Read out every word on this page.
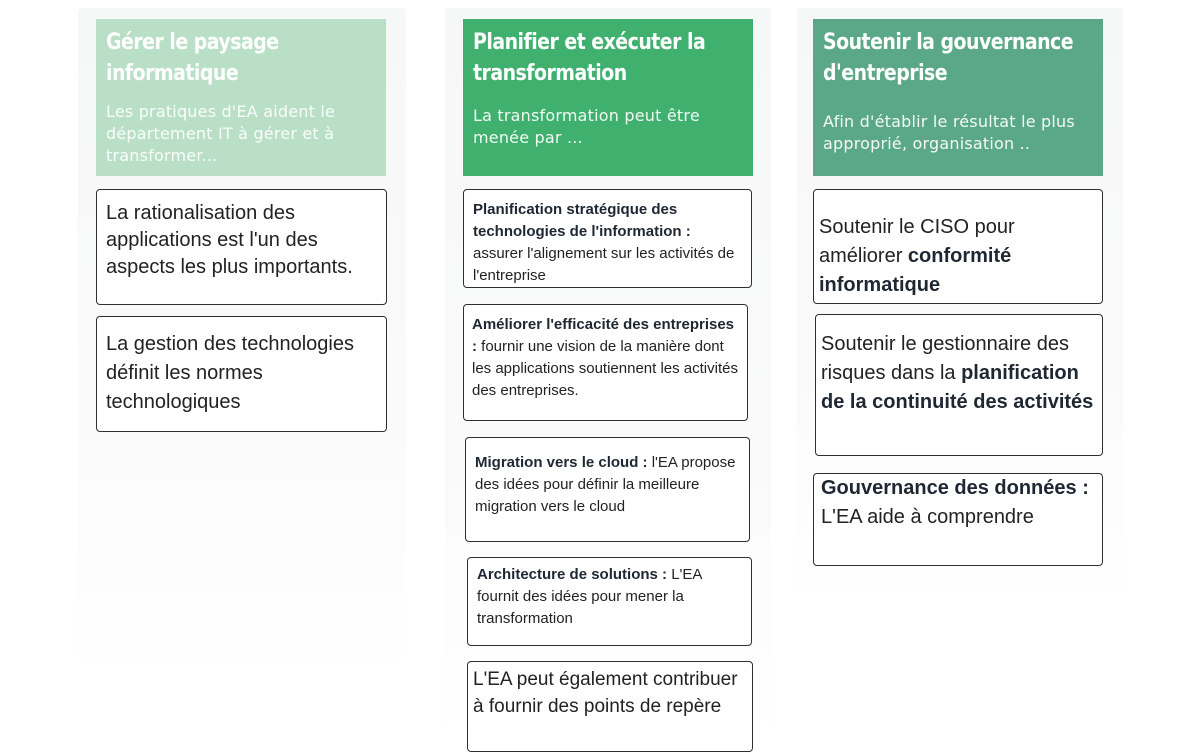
Gérer le paysage informatique
Les pratiques d'EA aident le département IT à gérer et à transformer...
La rationalisation des applications est l'un des aspects les plus importants.
La gestion des technologies définit les normes technologiques
Planifier et exécuter la transformation
La transformation peut être menée par ...
Planification stratégique des technologies de l'information : assurer l'alignement sur les activités de l'entreprise
Améliorer l'efficacité des entreprises : fournir une vision de la manière dont les applications soutiennent les activités des entreprises.
Migration vers le cloud : l'EA propose des idées pour définir la meilleure migration vers le cloud
Architecture de solutions : L'EA fournit des idées pour mener la transformation
L'EA peut également contribuer à fournir des points de repère
Soutenir la gouvernance d'entreprise
Afin d'établir le résultat le plus approprié, organisation ..
Soutenir le CISO pour améliorer conformité informatique
Soutenir le gestionnaire des risques dans la planification de la continuité des activités
Gouvernance des données : L'EA aide à comprendre
